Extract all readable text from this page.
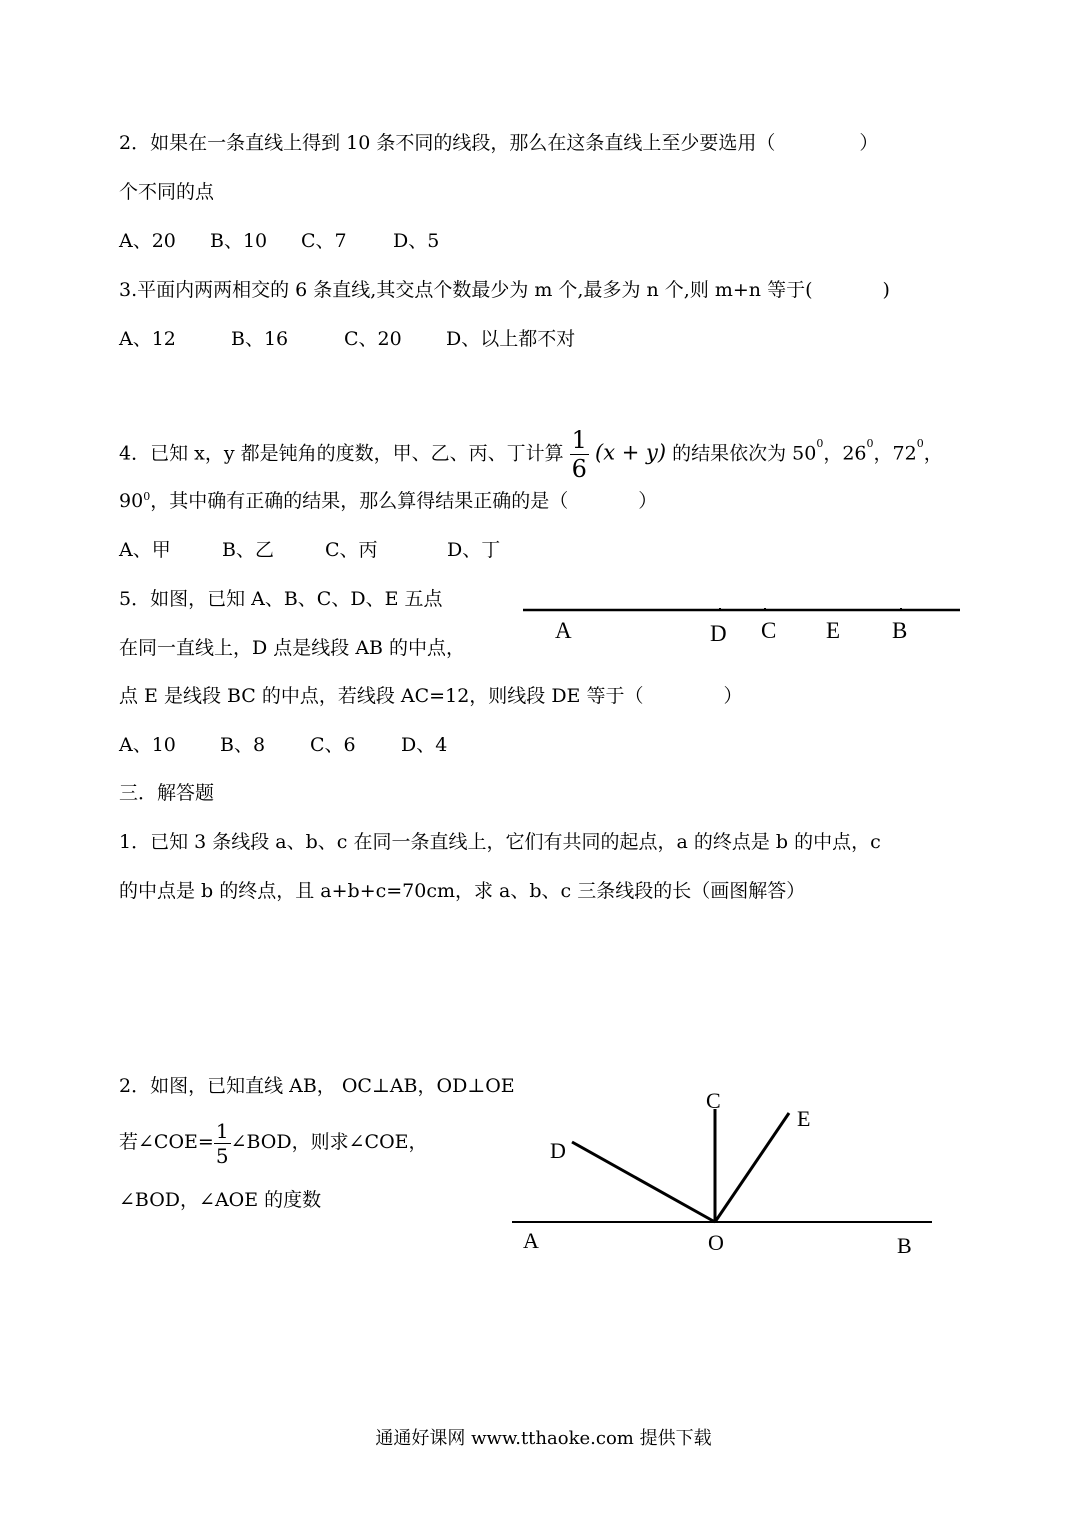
2．如果在一条直线上得到 10 条不同的线段，那么在这条直线上至少要选用（	）
个不同的点
A、20 B、10 C、7 D、5
3.平面内两两相交的 6 条直线,其交点个数最少为 m 个,最多为 n 个,则 m+n 等于(	)
A、12	B、16	C、20 D、以上都不对
4．已知 x，y 都是钝角的度数，甲、乙、丙、丁计算 $\frac{1}{6} (x + y)$ 的结果依次为 $50^0$，$26^0$，$72^0$，
$90^0$，其中确有正确的结果，那么算得结果正确的是（	）
A、甲	B、乙	C、丙	D、丁
5．如图，已知 A、B、C、D、E 五点
在同一直线上，D 点是线段 AB 的中点，
点 E 是线段 BC 的中点，若线段 AC=12，则线段 DE 等于（	）
A、10 B、8 C、6 D、4
A	D C E B
三．解答题
1．已知 3 条线段 a、b、c 在同一条直线上，它们有共同的起点，a 的终点是 b 的中点，c
的中点是 b 的终点，且 a+b+c=70cm，求 a、b、c 三条线段的长（画图解答）
2．如图，已知直线 AB， OC⊥AB，OD⊥OE
若∠COE= $\frac{1}{5}$ ∠BOD，则求∠COE，
∠BOD，∠AOE 的度数
C
E
D
A	O	B
通通好课网 www.tthaoke.com 提供下载
